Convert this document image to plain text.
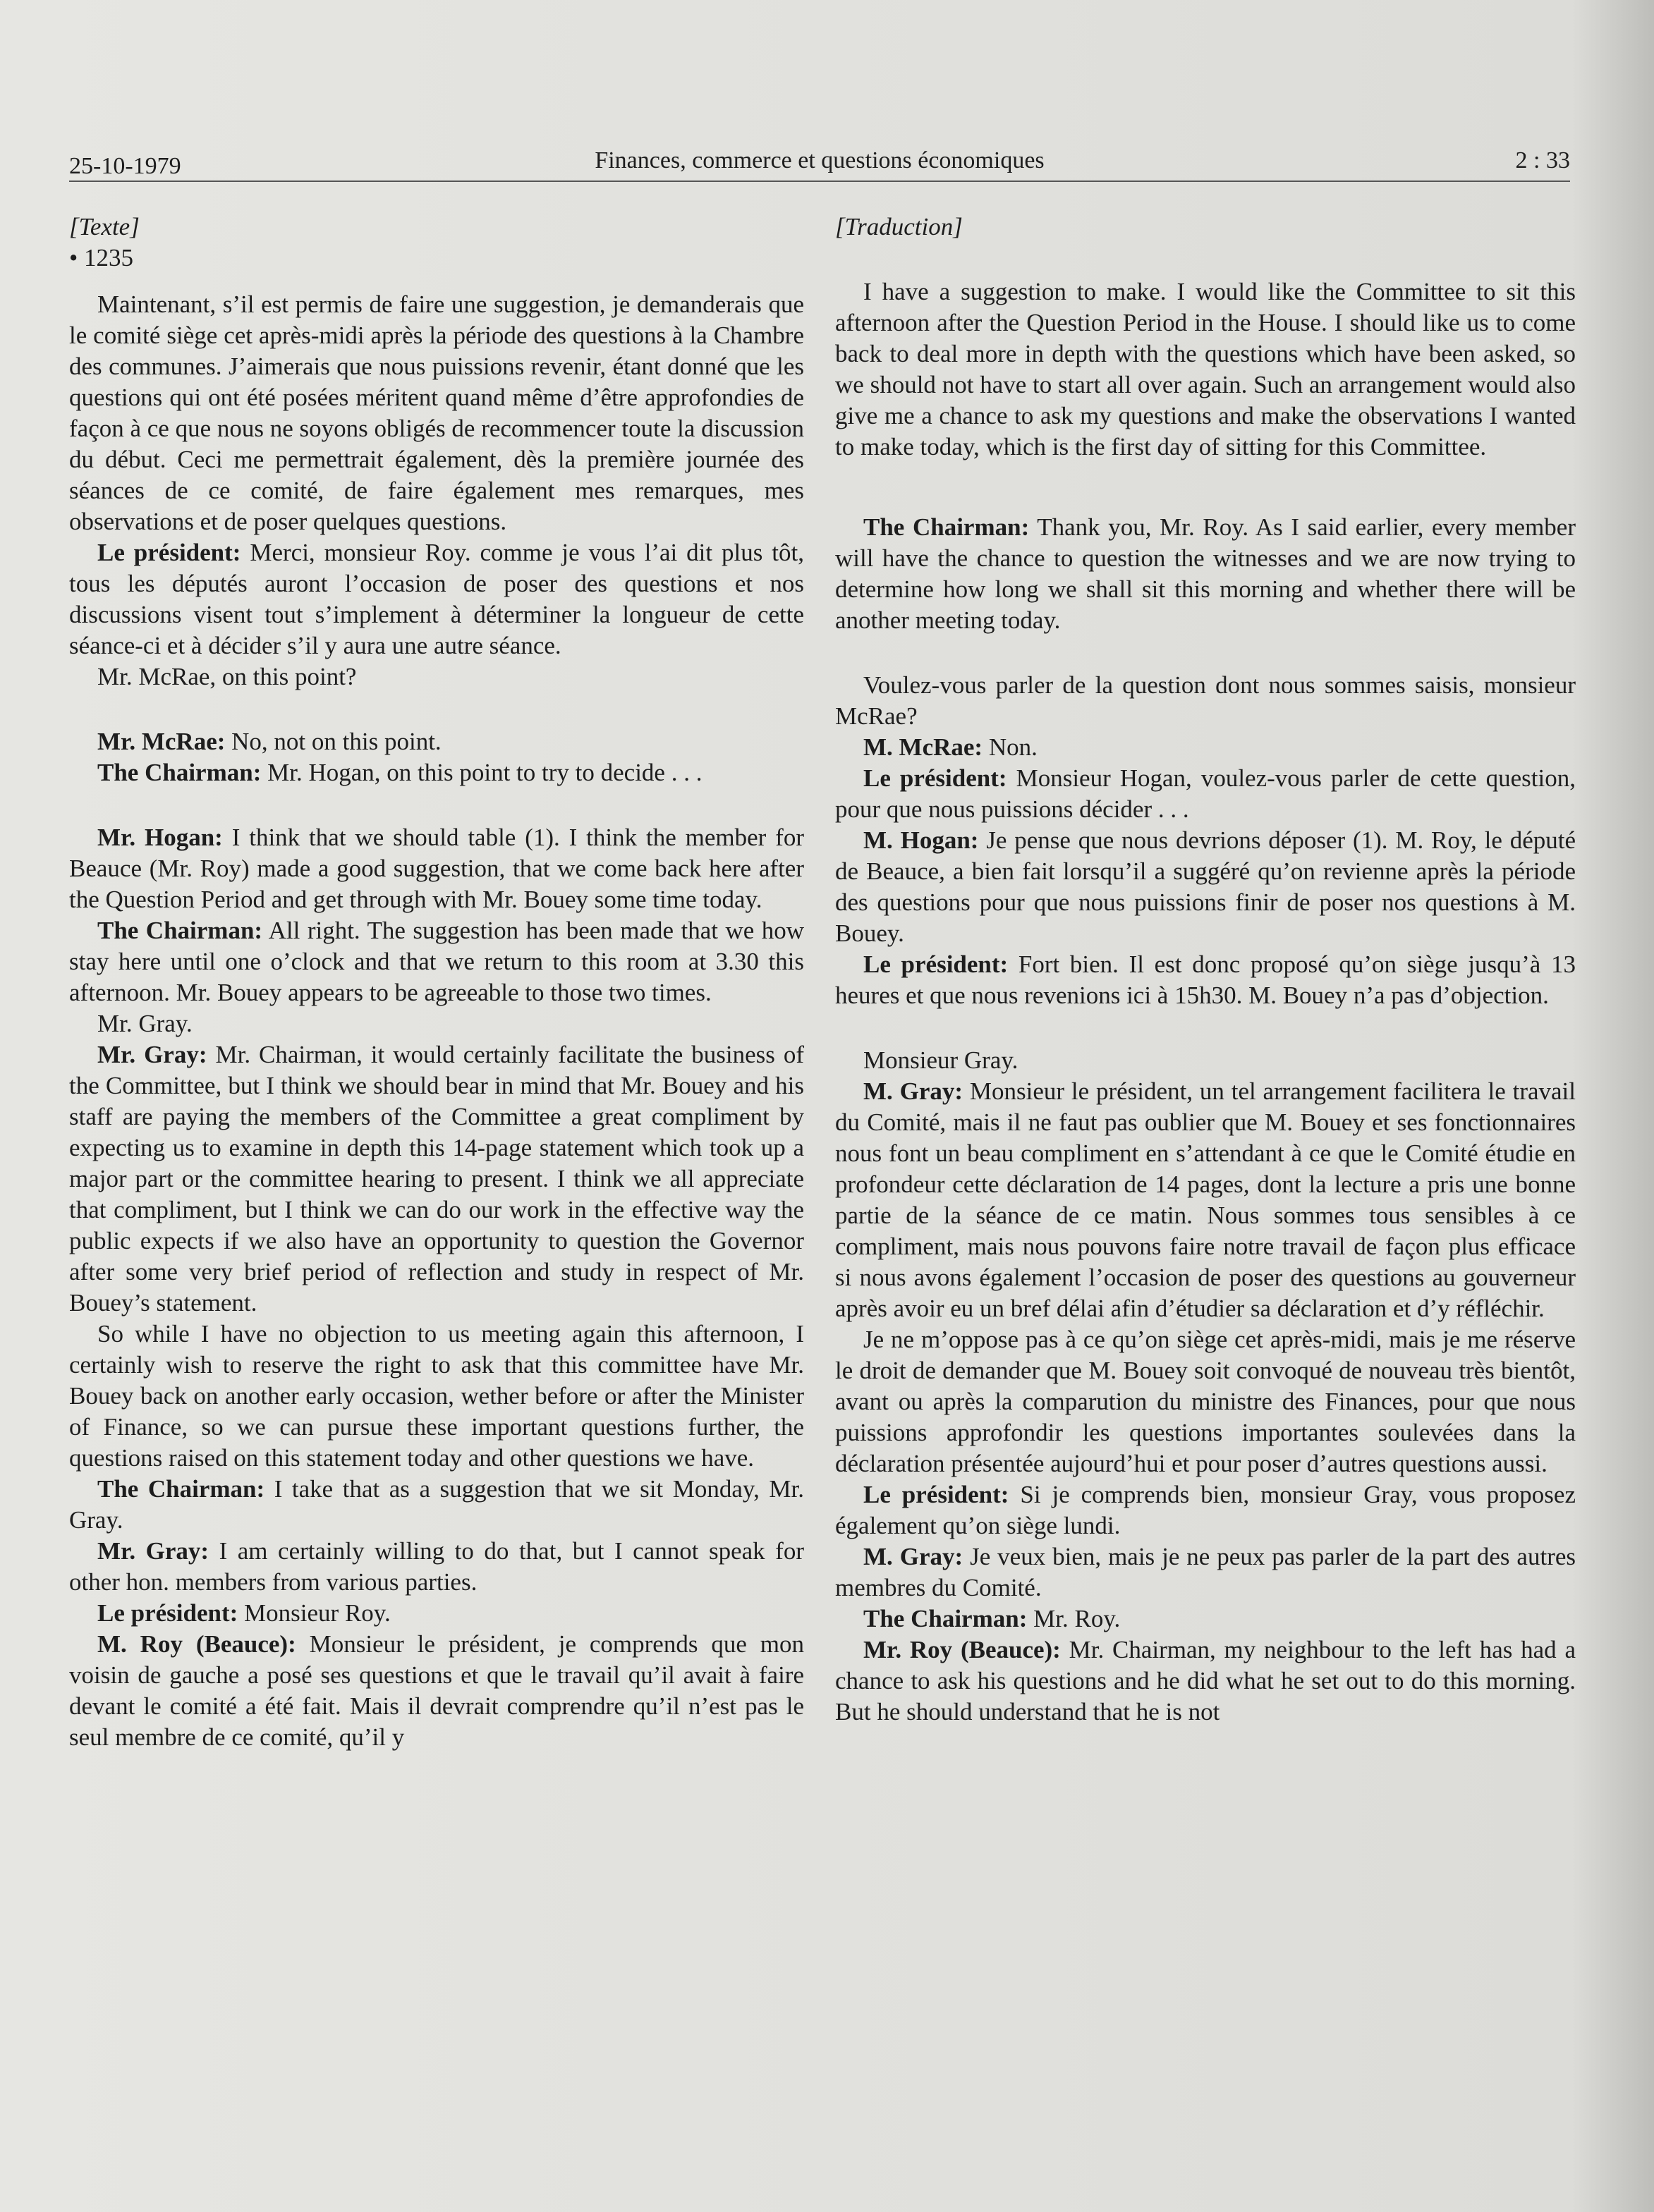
25-10-1979	Finances, commerce et questions économiques	2 : 33

[Texte]

• 1235

Maintenant, s’il est permis de faire une suggestion, je demanderais que le comité siège cet après-midi après la période des questions à la Chambre des communes. J’aimerais que nous puissions revenir, étant donné que les questions qui ont été posées méritent quand même d’être approfondies de façon à ce que nous ne soyons obligés de recommencer toute la discussion du début. Ceci me permettrait également, dès la première journée des séances de ce comité, de faire également mes remarques, mes observations et de poser quelques questions.

Le président: Merci, monsieur Roy. comme je vous l’ai dit plus tôt, tous les députés auront l’occasion de poser des questions et nos discussions visent tout s’implement à déterminer la longueur de cette séance-ci et à décider s’il y aura une autre séance.

Mr. McRae, on this point?

Mr. McRae: No, not on this point.

The Chairman: Mr. Hogan, on this point to try to decide . . .

Mr. Hogan: I think that we should table (1). I think the member for Beauce (Mr. Roy) made a good suggestion, that we come back here after the Question Period and get through with Mr. Bouey some time today.

The Chairman: All right. The suggestion has been made that we how stay here until one o’clock and that we return to this room at 3.30 this afternoon. Mr. Bouey appears to be agreeable to those two times.

Mr. Gray.

Mr. Gray: Mr. Chairman, it would certainly facilitate the business of the Committee, but I think we should bear in mind that Mr. Bouey and his staff are paying the members of the Committee a great compliment by expecting us to examine in depth this 14-page statement which took up a major part or the committee hearing to present. I think we all appreciate that compliment, but I think we can do our work in the effective way the public expects if we also have an opportunity to question the Governor after some very brief period of reflection and study in respect of Mr. Bouey’s statement.

So while I have no objection to us meeting again this afternoon, I certainly wish to reserve the right to ask that this committee have Mr. Bouey back on another early occasion, wether before or after the Minister of Finance, so we can pursue these important questions further, the questions raised on this statement today and other questions we have.

The Chairman: I take that as a suggestion that we sit Monday, Mr. Gray.

Mr. Gray: I am certainly willing to do that, but I cannot speak for other hon. members from various parties.

Le président: Monsieur Roy.

M. Roy (Beauce): Monsieur le président, je comprends que mon voisin de gauche a posé ses questions et que le travail qu’il avait à faire devant le comité a été fait. Mais il devrait comprendre qu’il n’est pas le seul membre de ce comité, qu’il y

[Traduction]

I have a suggestion to make. I would like the Committee to sit this afternoon after the Question Period in the House. I should like us to come back to deal more in depth with the questions which have been asked, so we should not have to start all over again. Such an arrangement would also give me a chance to ask my questions and make the observations I wanted to make today, which is the first day of sitting for this Committee.

The Chairman: Thank you, Mr. Roy. As I said earlier, every member will have the chance to question the witnesses and we are now trying to determine how long we shall sit this morning and whether there will be another meeting today.

Voulez-vous parler de la question dont nous sommes saisis, monsieur McRae?

M. McRae: Non.

Le président: Monsieur Hogan, voulez-vous parler de cette question, pour que nous puissions décider . . .

M. Hogan: Je pense que nous devrions déposer (1). M. Roy, le député de Beauce, a bien fait lorsqu’il a suggéré qu’on revienne après la période des questions pour que nous puissions finir de poser nos questions à M. Bouey.

Le président: Fort bien. Il est donc proposé qu’on siège jusqu’à 13 heures et que nous revenions ici à 15h30. M. Bouey n’a pas d’objection.

Monsieur Gray.

M. Gray: Monsieur le président, un tel arrangement facilitera le travail du Comité, mais il ne faut pas oublier que M. Bouey et ses fonctionnaires nous font un beau compliment en s’attendant à ce que le Comité étudie en profondeur cette déclaration de 14 pages, dont la lecture a pris une bonne partie de la séance de ce matin. Nous sommes tous sensibles à ce compliment, mais nous pouvons faire notre travail de façon plus efficace si nous avons également l’occasion de poser des questions au gouverneur après avoir eu un bref délai afin d’étudier sa déclaration et d’y réfléchir.

Je ne m’oppose pas à ce qu’on siège cet après-midi, mais je me réserve le droit de demander que M. Bouey soit convoqué de nouveau très bientôt, avant ou après la comparution du ministre des Finances, pour que nous puissions approfondir les questions importantes soulevées dans la déclaration présentée aujourd’hui et pour poser d’autres questions aussi.

Le président: Si je comprends bien, monsieur Gray, vous proposez également qu’on siège lundi.

M. Gray: Je veux bien, mais je ne peux pas parler de la part des autres membres du Comité.

The Chairman: Mr. Roy.

Mr. Roy (Beauce): Mr. Chairman, my neighbour to the left has had a chance to ask his questions and he did what he set out to do this morning. But he should understand that he is not
